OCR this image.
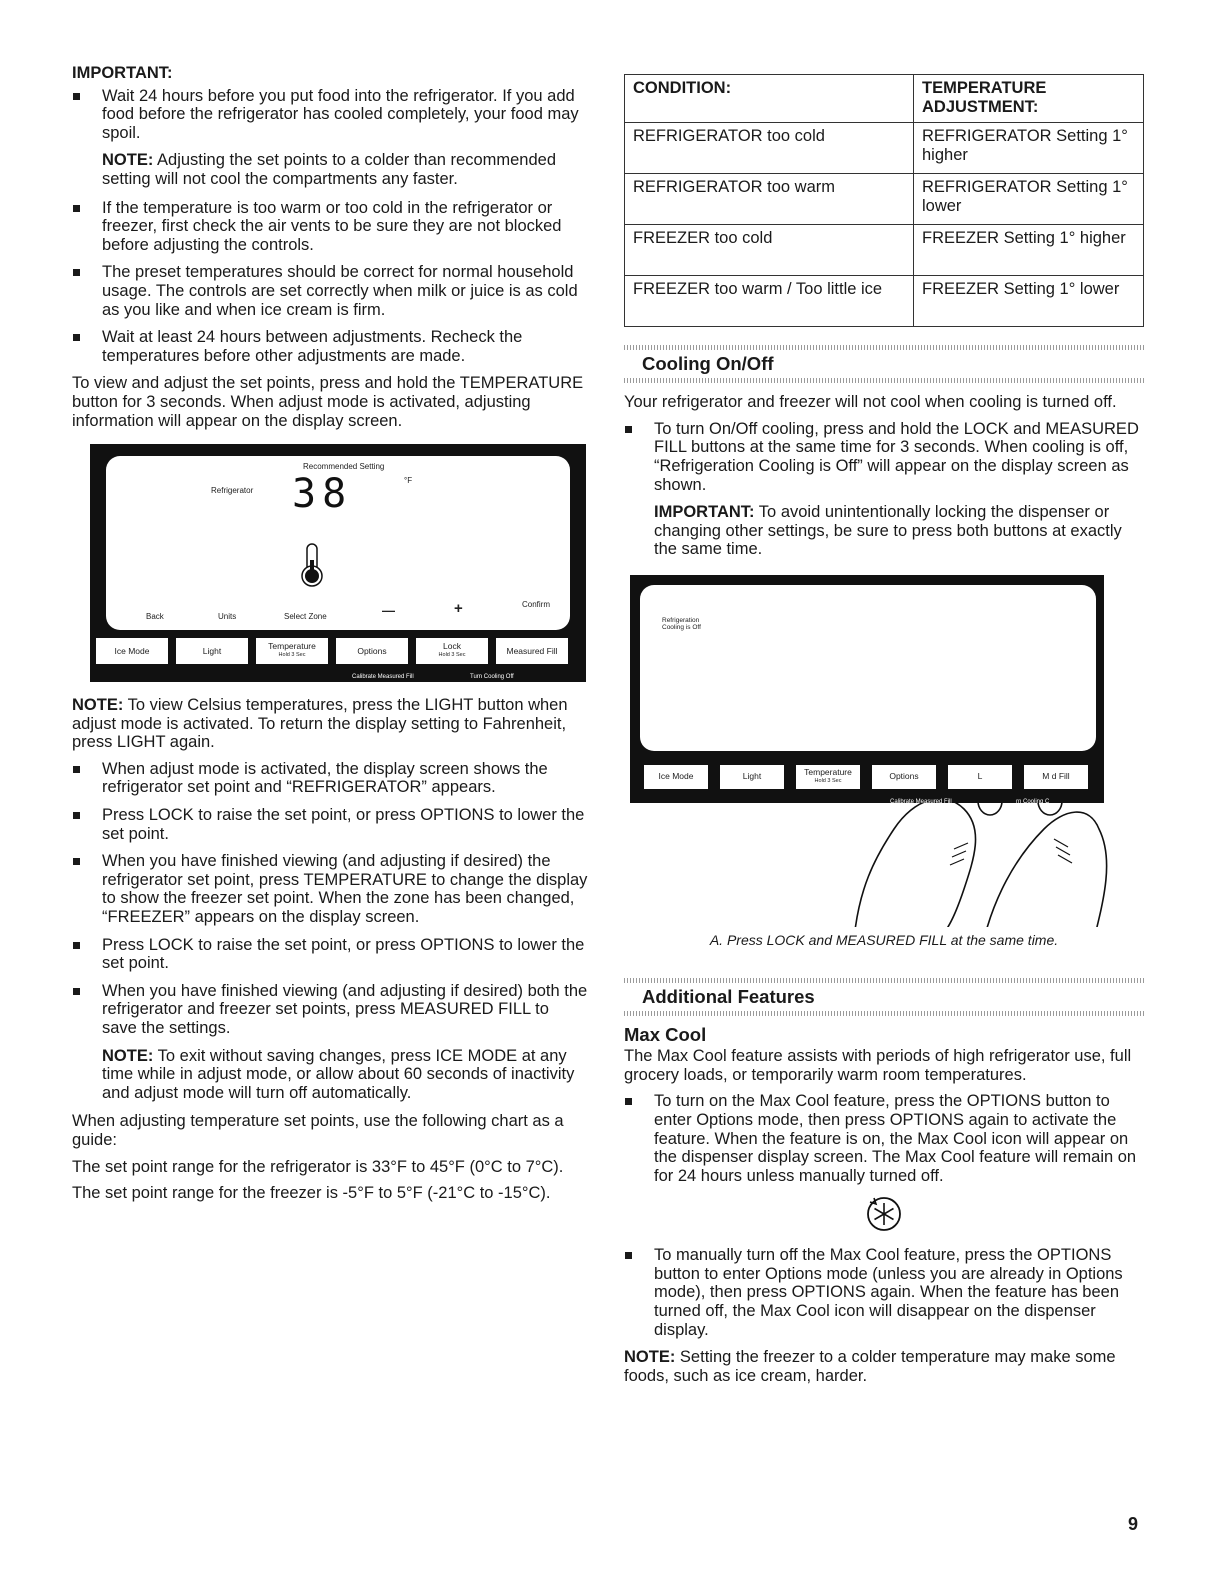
IMPORTANT:

Wait 24 hours before you put food into the refrigerator. If you add food before the refrigerator has cooled completely, your food may spoil.

NOTE: Adjusting the set points to a colder than recommended setting will not cool the compartments any faster.

If the temperature is too warm or too cold in the refrigerator or freezer, first check the air vents to be sure they are not blocked before adjusting the controls.

The preset temperatures should be correct for normal household usage. The controls are set correctly when milk or juice is as cold as you like and when ice cream is firm.

Wait at least 24 hours between adjustments. Recheck the temperatures before other adjustments are made.

To view and adjust the set points, press and hold the TEMPERATURE button for 3 seconds. When adjust mode is activated, adjusting information will appear on the display screen.

Recommended Setting
Refrigerator 38	°F
Back	Units	Select Zone	—	+	Confirm
Ice Mode	Light	Temperature
Hold 3 Sec	Options	Lock
Hold 3 Sec	Measured Fill
Calibrate Measured Fill	Turn Cooling Off

NOTE: To view Celsius temperatures, press the LIGHT button when adjust mode is activated. To return the display setting to Fahrenheit, press LIGHT again.

When adjust mode is activated, the display screen shows the refrigerator set point and “REFRIGERATOR” appears.

Press LOCK to raise the set point, or press OPTIONS to lower the set point.

When you have finished viewing (and adjusting if desired) the refrigerator set point, press TEMPERATURE to change the display to show the freezer set point. When the zone has been changed, “FREEZER” appears on the display screen.

Press LOCK to raise the set point, or press OPTIONS to lower the set point.

When you have finished viewing (and adjusting if desired) both the refrigerator and freezer set points, press MEASURED FILL to save the settings.

NOTE: To exit without saving changes, press ICE MODE at any time while in adjust mode, or allow about 60 seconds of inactivity and adjust mode will turn off automatically.

When adjusting temperature set points, use the following chart as a guide:

The set point range for the refrigerator is 33°F to 45°F (0°C to 7°C).

The set point range for the freezer is -5°F to 5°F (-21°C to -15°C).

CONDITION:	TEMPERATURE ADJUSTMENT:
REFRIGERATOR too cold	REFRIGERATOR Setting 1° higher
REFRIGERATOR too warm	REFRIGERATOR Setting 1° lower
FREEZER too cold	FREEZER Setting 1° higher
FREEZER too warm / Too little ice	FREEZER Setting 1° lower
Cooling On/Off

Your refrigerator and freezer will not cool when cooling is turned off.

To turn On/Off cooling, press and hold the LOCK and MEASURED FILL buttons at the same time for 3 seconds. When cooling is off, “Refrigeration Cooling is Off” will appear on the display screen as shown.

IMPORTANT: To avoid unintentionally locking the dispenser or changing other settings, be sure to press both buttons at exactly the same time.

Refrigeration
Cooling is Off
Ice Mode	Light	Temperature
Hold 3 Sec	Options	L	M d Fill
Calibrate Measured Fill	rn Cooling C
A. Press LOCK and MEASURED FILL at the same time.
Additional Features
Max Cool

The Max Cool feature assists with periods of high refrigerator use, full grocery loads, or temporarily warm room temperatures.

To turn on the Max Cool feature, press the OPTIONS button to enter Options mode, then press OPTIONS again to activate the feature. When the feature is on, the Max Cool icon will appear on the dispenser display screen. The Max Cool feature will remain on for 24 hours unless manually turned off.

To manually turn off the Max Cool feature, press the OPTIONS button to enter Options mode (unless you are already in Options mode), then press OPTIONS again. When the feature has been turned off, the Max Cool icon will disappear on the dispenser display.

NOTE: Setting the freezer to a colder temperature may make some foods, such as ice cream, harder.

9
